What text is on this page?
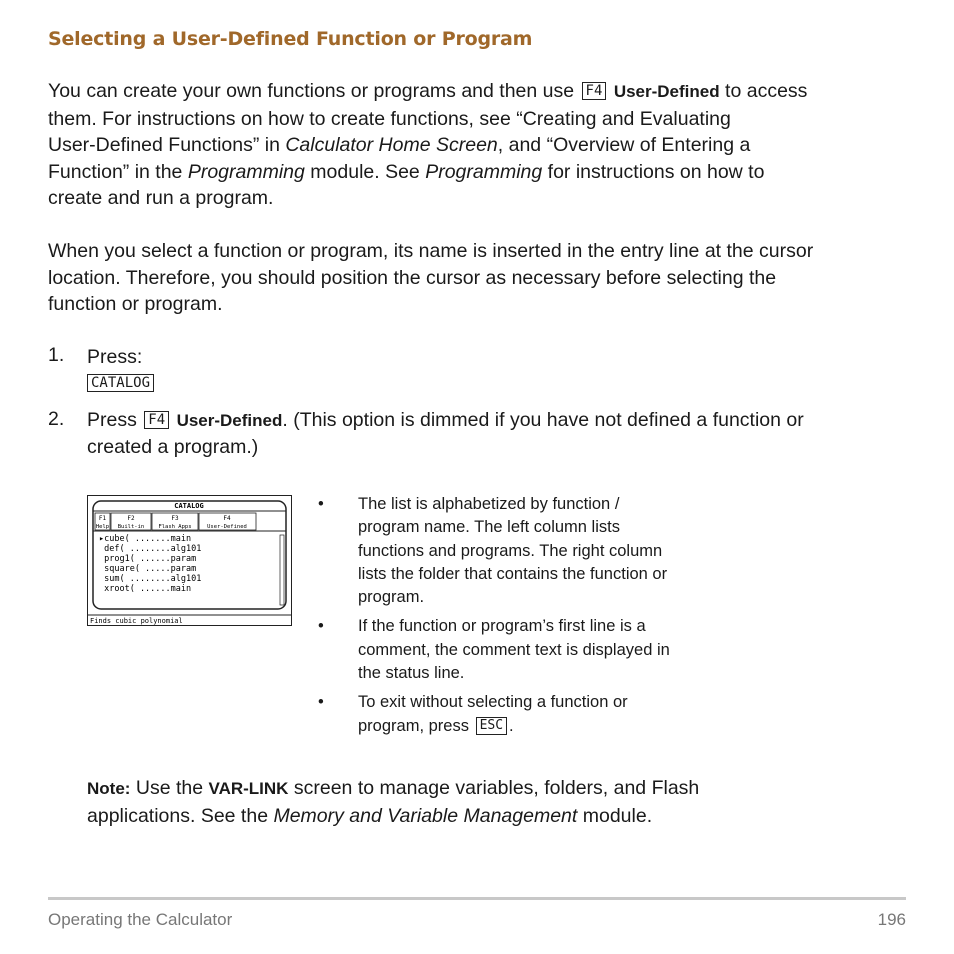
Selecting a User-Defined Function or Program
You can create your own functions or programs and then use F4 User-Defined to access
them. For instructions on how to create functions, see “Creating and Evaluating
User-Defined Functions” in Calculator Home Screen, and “Overview of Entering a
Function” in the Programming module. See Programming for instructions on how to
create and run a program.
When you select a function or program, its name is inserted in the entry line at the cursor
location. Therefore, you should position the cursor as necessary before selecting the
function or program.
1. Press:
CATALOG
2. Press F4 User-Defined. (This option is dimmed if you have not defined a function or
created a program.)
CATALOG
F1
Help
F2
Built-in
F3
Flash Apps
F4
User-Defined
▸cube( .......main
def( ........alg101
prog1( ......param
square( .....param
sum( ........alg101
xroot( ......main
Finds cubic polynomial
• The list is alphabetized by function /
program name. The left column lists
functions and programs. The right column
lists the folder that contains the function or
program.
• If the function or program’s first line is a
comment, the comment text is displayed in
the status line.
• To exit without selecting a function or
program, press ESC .
Note: Use the VAR-LINK screen to manage variables, folders, and Flash
applications. See the Memory and Variable Management module.
Operating the Calculator	196
